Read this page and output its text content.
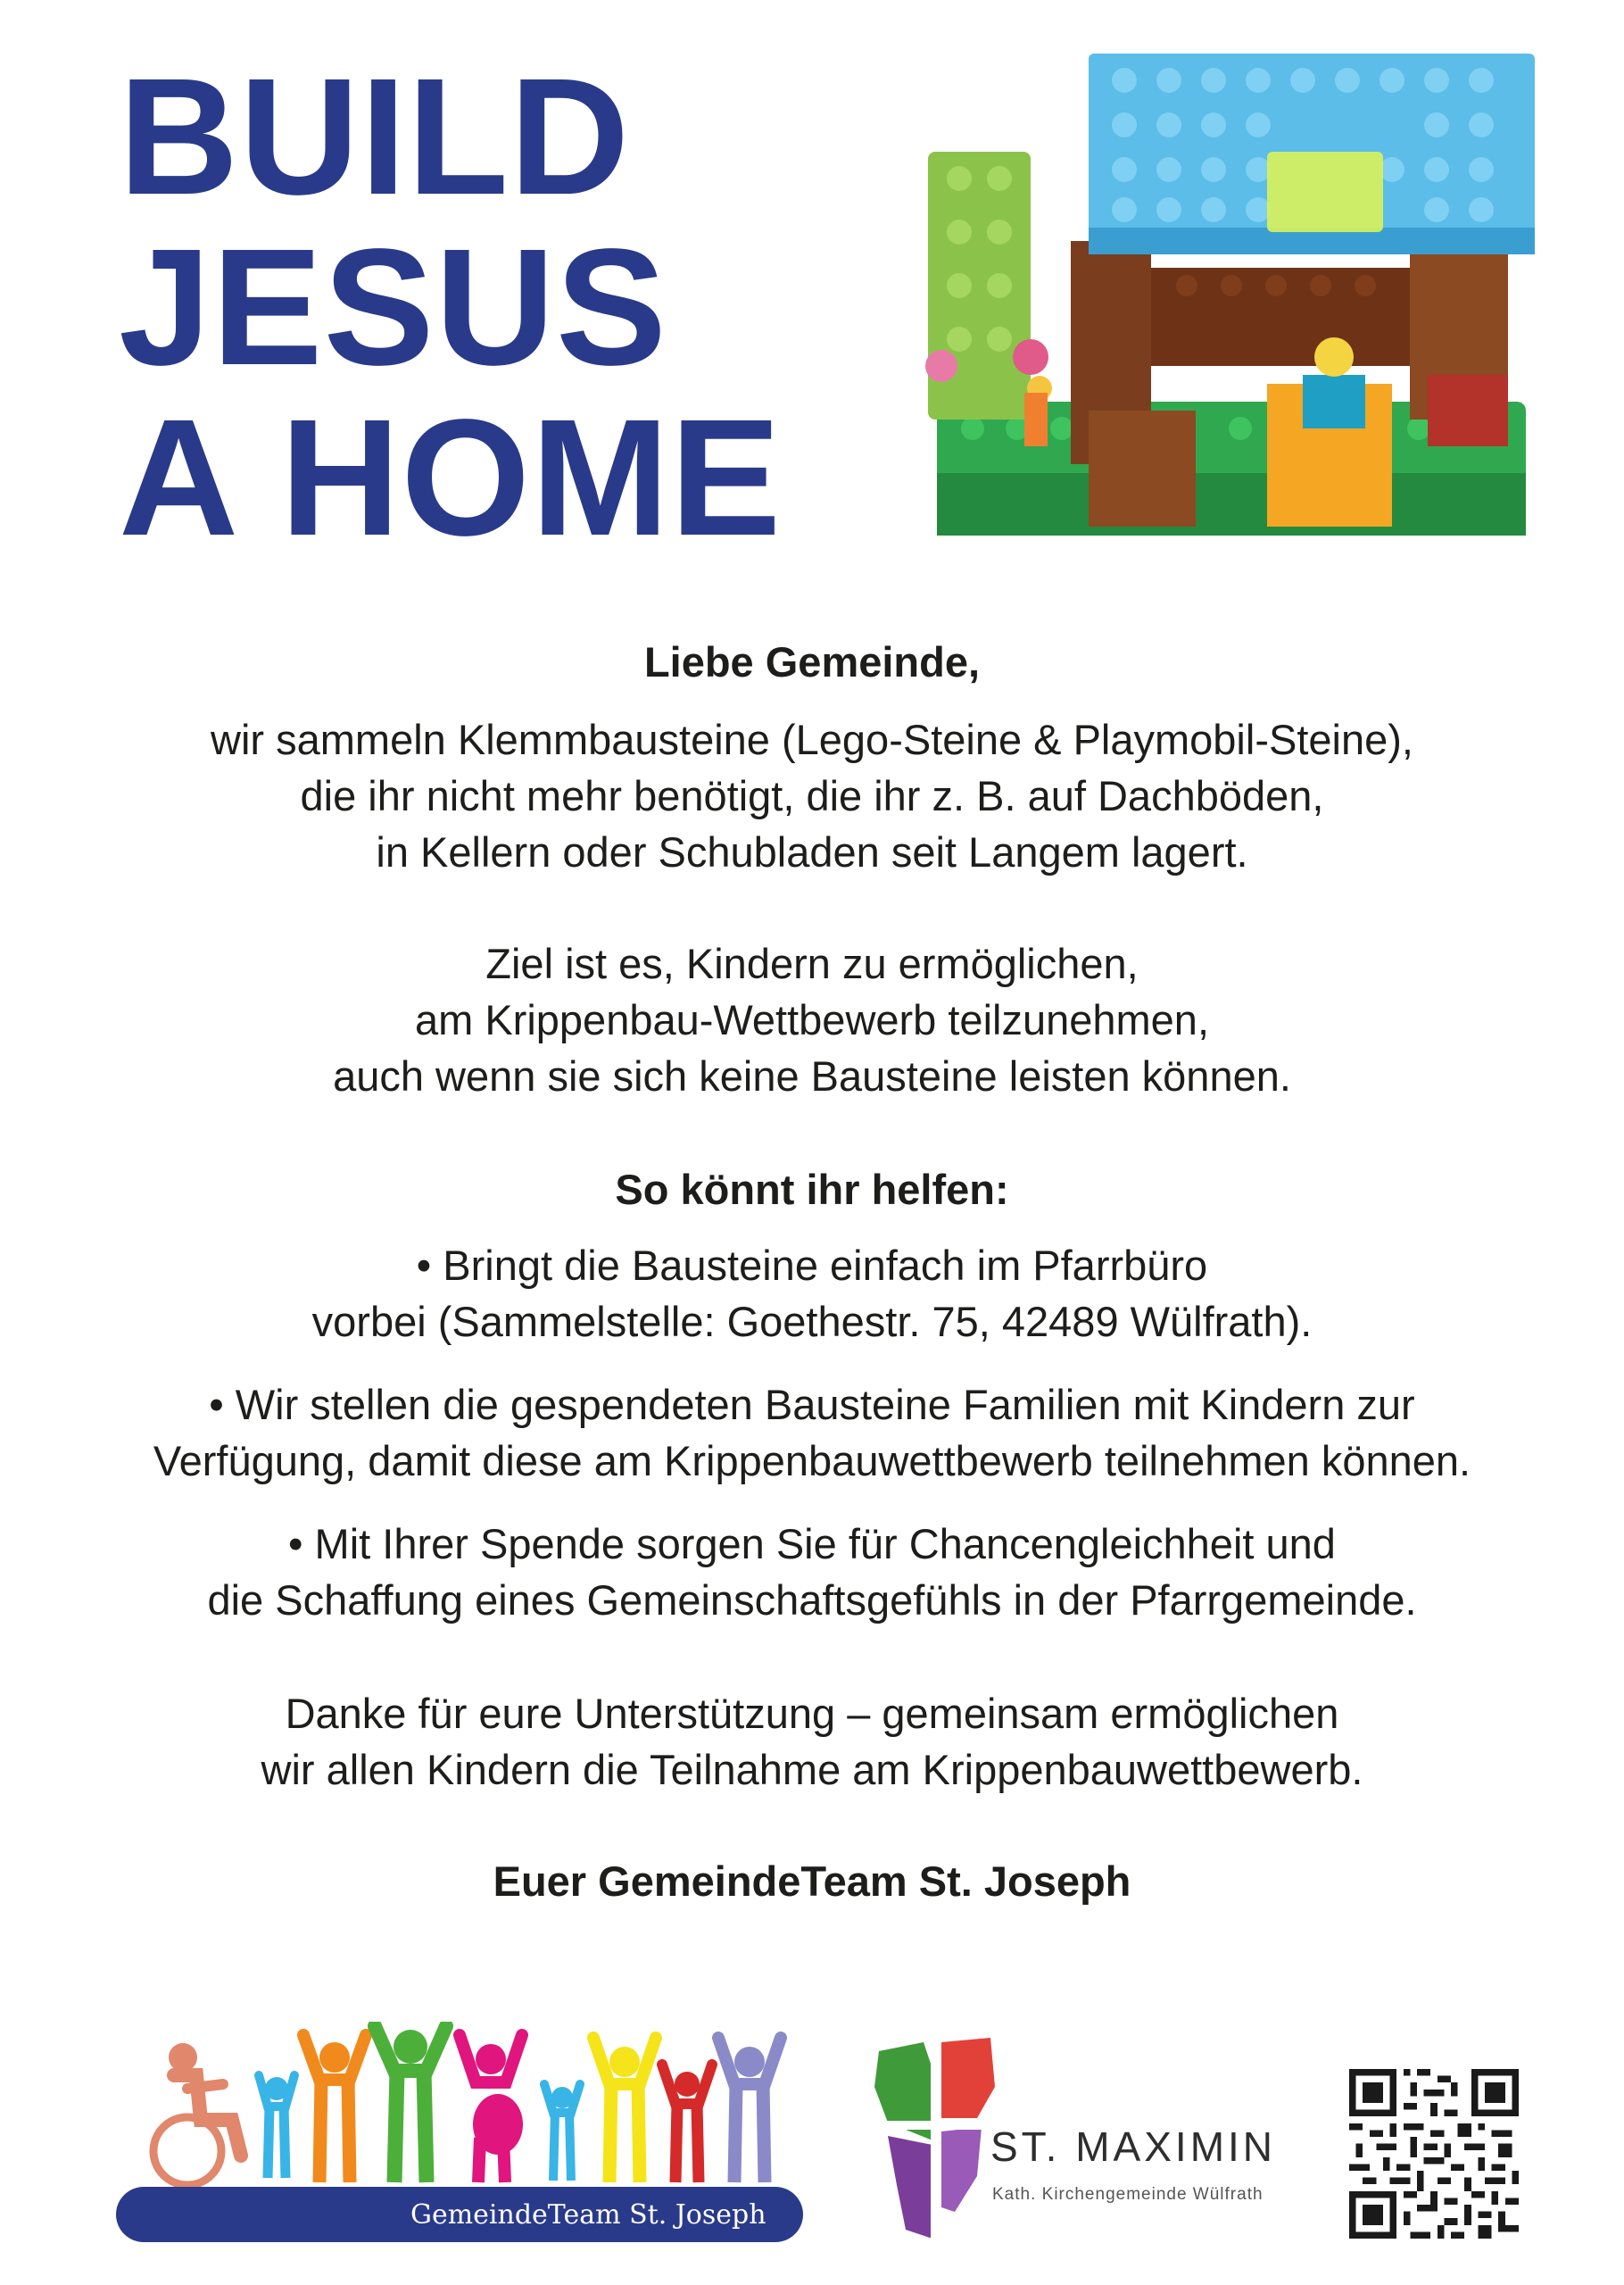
BUILD
JESUS
A HOME

Liebe Gemeinde,

wir sammeln Klemmbausteine (Lego-Steine & Playmobil-Steine),
die ihr nicht mehr benötigt, die ihr z. B. auf Dachböden,
in Kellern oder Schubladen seit Langem lagert.

Ziel ist es, Kindern zu ermöglichen,
am Krippenbau-Wettbewerb teilzunehmen,
auch wenn sie sich keine Bausteine leisten können.

So könnt ihr helfen:

• Bringt die Bausteine einfach im Pfarrbüro
vorbei (Sammelstelle: Goethestr. 75, 42489 Wülfrath).

• Wir stellen die gespendeten Bausteine Familien mit Kindern zur
Verfügung, damit diese am Krippenbauwettbewerb teilnehmen können.

• Mit Ihrer Spende sorgen Sie für Chancengleichheit und
die Schaffung eines Gemeinschaftsgefühls in der Pfarrgemeinde.

Danke für eure Unterstützung – gemeinsam ermöglichen
wir allen Kindern die Teilnahme am Krippenbauwettbewerb.

Euer GemeindeTeam St. Joseph

GemeindeTeam St. Joseph
ST. MAXIMIN
Kath. Kirchengemeinde Wülfrath
